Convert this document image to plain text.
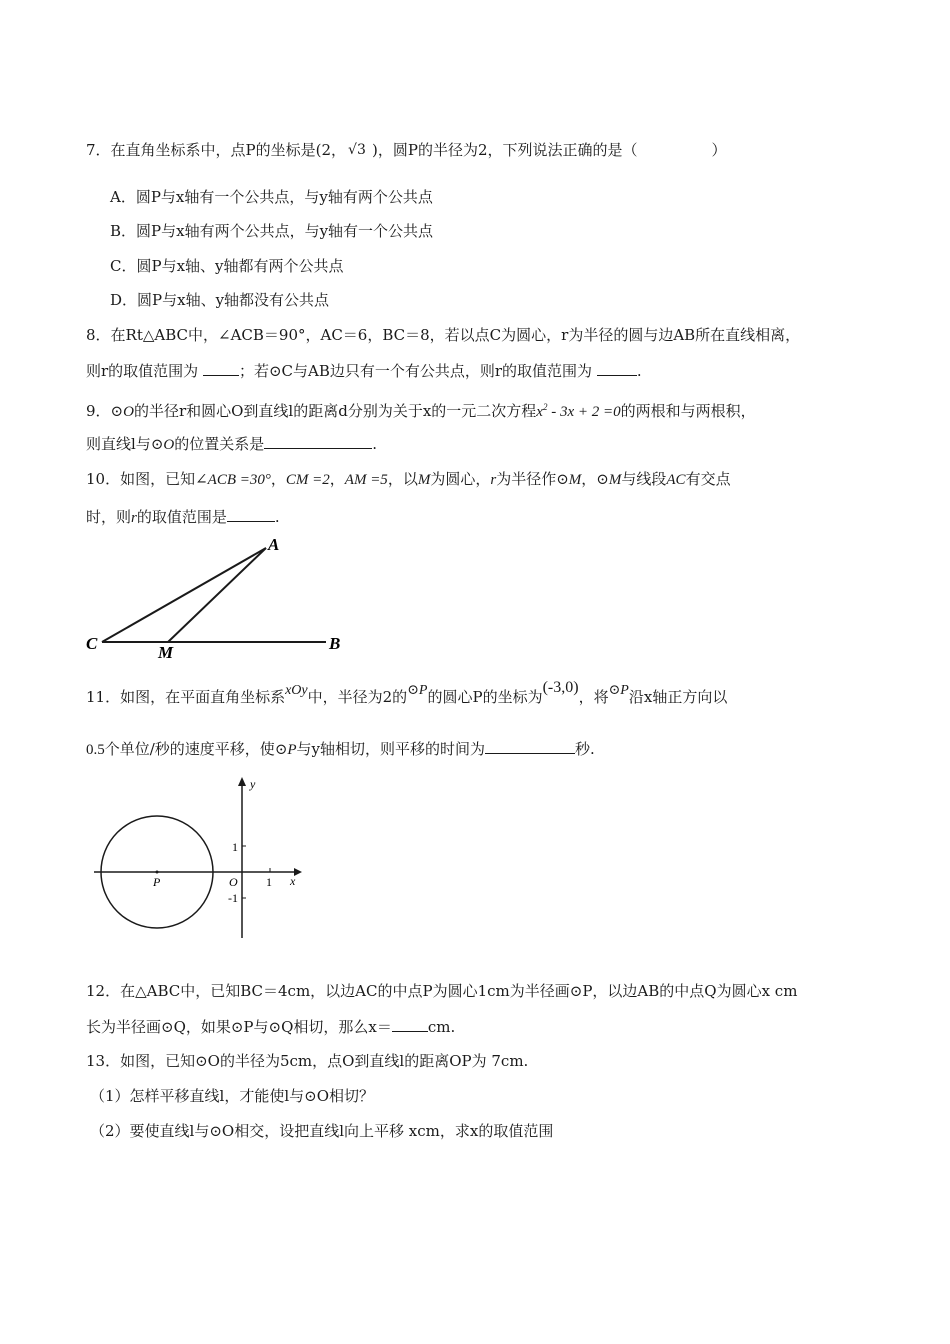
7．在直角坐标系中，点P的坐标是(2， √3 )，圆P的半径为2，下列说法正确的是（	）
A．圆P与x轴有一个公共点，与y轴有两个公共点
B．圆P与x轴有两个公共点，与y轴有一个公共点
C．圆P与x轴、y轴都有两个公共点
D．圆P与x轴、y轴都没有公共点
8．在Rt△ABC中，∠ACB＝90°，AC＝6，BC＝8，若以点C为圆心，r为半径的圆与边AB所在直线相离，
则r的取值范围为	；若⊙C与AB边只有一个有公共点，则r的取值范围为	.
9．⊙O的半径r和圆心O到直线l的距离d分别为关于x的一元二次方程$x^2 - 3x + 2 =0$的两根和与两根积，
则直线l与⊙O的位置关系是	.
10．如图，已知∠ACB =30°，CM =2，AM =5，以M为圆心，r为半径作⊙M，⊙M与线段AC有交点
时，则r的取值范围是	.
A
C	M	B
11．如图，在平面直角坐标系xOy中，半径为2的⊙P的圆心P的坐标为(-3,0)，将⊙P沿x轴正方向以
0.5个单位/秒的速度平移，使⊙P与y轴相切，则平移的时间为	秒.
y
x
O 1
1
-1
P
12．在△ABC中，已知BC＝4cm，以边AC的中点P为圆心1cm为半径画⊙P，以边AB的中点Q为圆心x cm
长为半径画⊙Q，如果⊙P与⊙Q相切，那么x＝ cm.
13．如图，已知⊙O的半径为5cm，点O到直线l的距离OP为 7cm.
（1）怎样平移直线l，才能使l与⊙O相切？
（2）要使直线l与⊙O相交，设把直线l向上平移 xcm，求x的取值范围
